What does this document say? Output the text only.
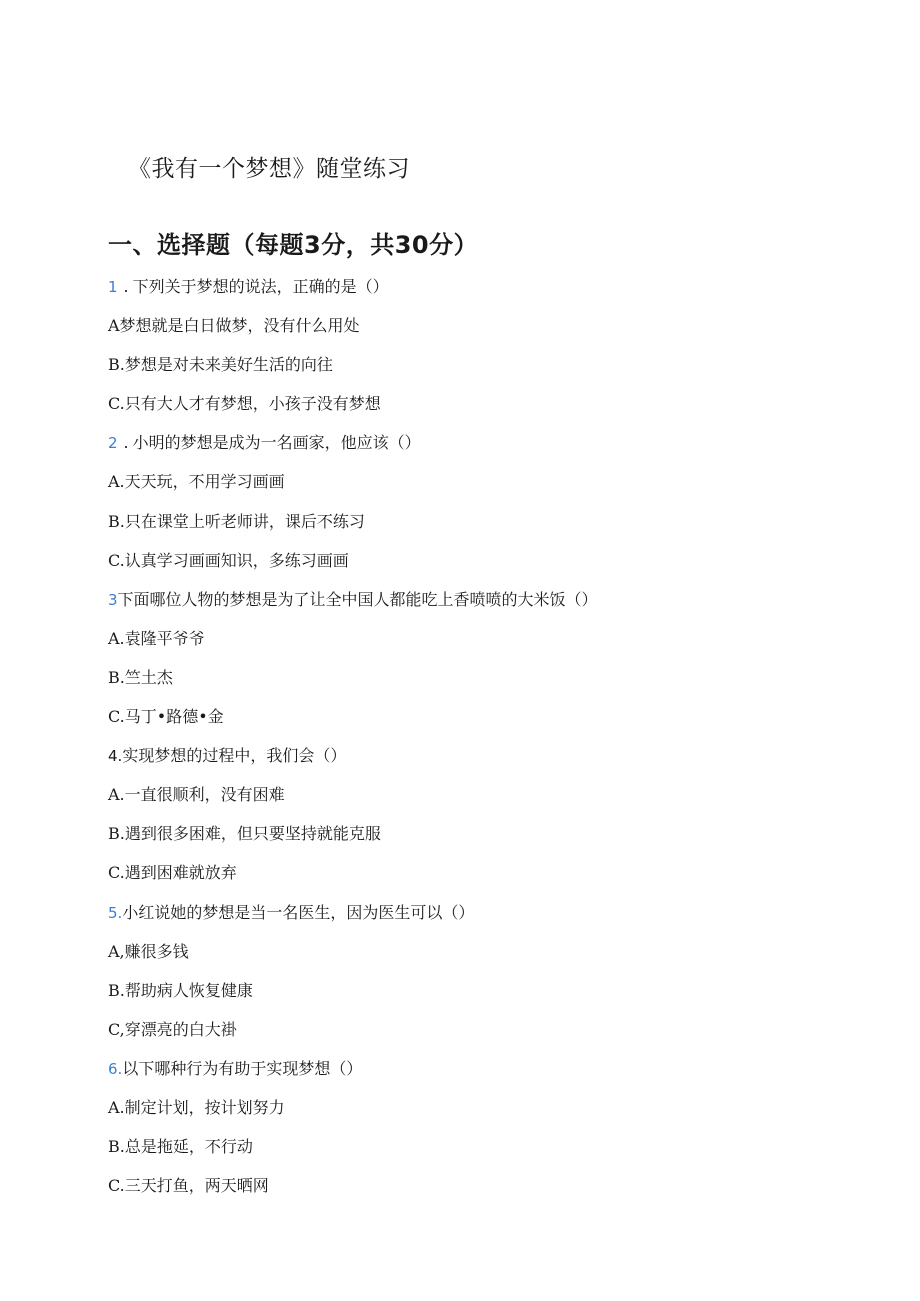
《我有一个梦想》随堂练习
一、选择题（每题3分，共30分）
1 . 下列关于梦想的说法，正确的是（）
A梦想就是白日做梦，没有什么用处
B.梦想是对未来美好生活的向往
C.只有大人才有梦想，小孩子没有梦想
2 . 小明的梦想是成为一名画家，他应该（）
A.天天玩，不用学习画画
B.只在课堂上听老师讲，课后不练习
C.认真学习画画知识，多练习画画
3下面哪位人物的梦想是为了让全中国人都能吃上香喷喷的大米饭（）
A.袁隆平爷爷
B.竺土杰
C.马丁•路德•金
4.实现梦想的过程中，我们会（）
A.一直很顺利，没有困难
B.遇到很多困难，但只要坚持就能克服
C.遇到困难就放弃
5.小红说她的梦想是当一名医生，因为医生可以（）
A,赚很多钱
B.帮助病人恢复健康
C,穿漂亮的白大褂
6.以下哪种行为有助于实现梦想（）
A.制定计划，按计划努力
B.总是拖延，不行动
C.三天打鱼，两天晒网
